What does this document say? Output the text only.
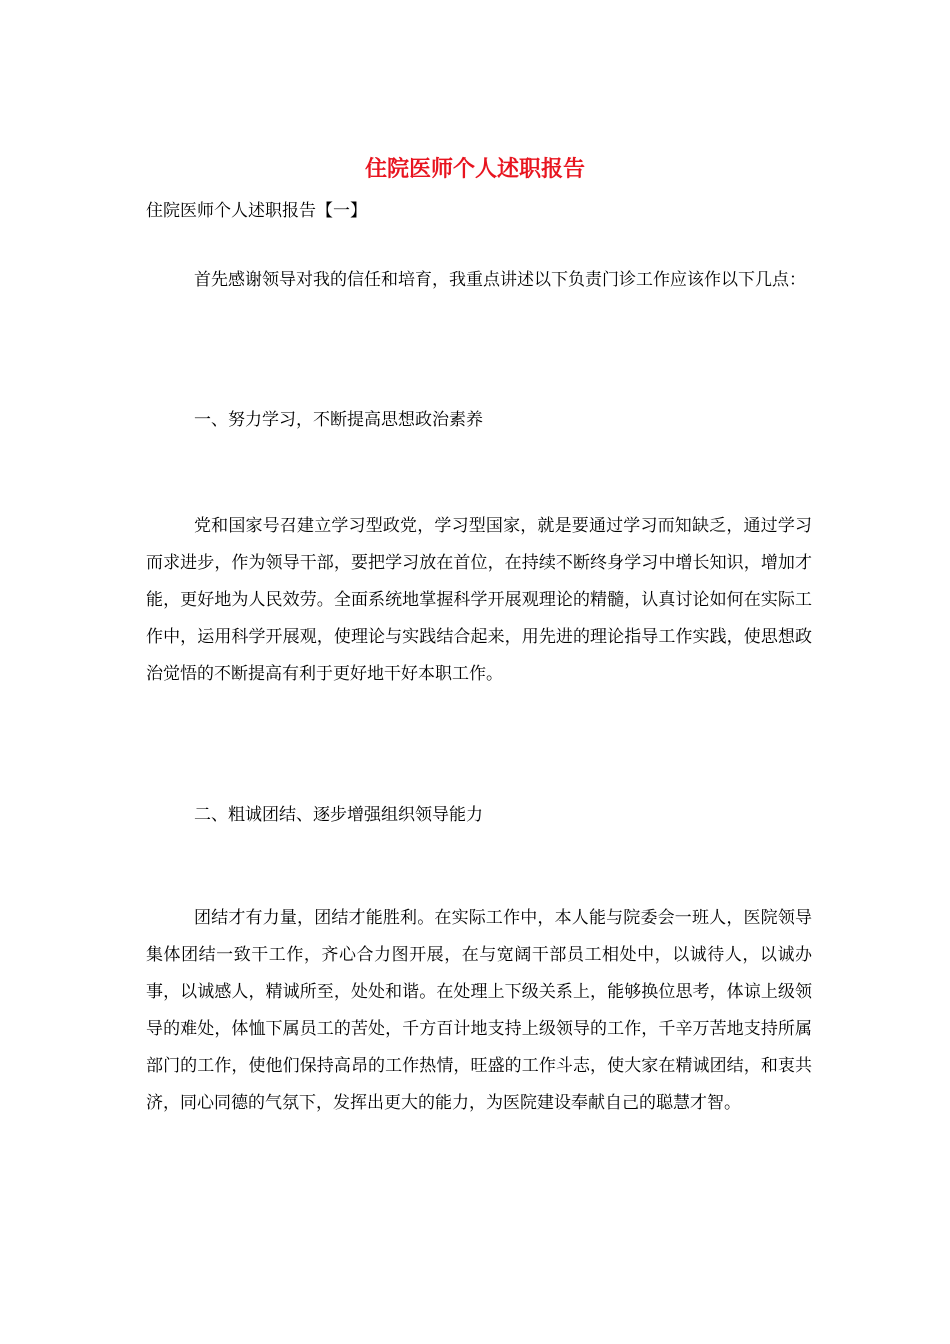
住院医师个人述职报告

住院医师个人述职报告【一】

首先感谢领导对我的信任和培育，我重点讲述以下负责门诊工作应该作以下几点：

一、努力学习，不断提高思想政治素养

党和国家号召建立学习型政党，学习型国家，就是要通过学习而知缺乏，通过学习而求进步，作为领导干部，要把学习放在首位，在持续不断终身学习中增长知识，增加才能，更好地为人民效劳。全面系统地掌握科学开展观理论的精髓，认真讨论如何在实际工作中，运用科学开展观，使理论与实践结合起来，用先进的理论指导工作实践，使思想政治觉悟的不断提高有利于更好地干好本职工作。

二、粗诚团结、逐步增强组织领导能力

团结才有力量，团结才能胜利。在实际工作中，本人能与院委会一班人，医院领导集体团结一致干工作，齐心合力图开展，在与宽阔干部员工相处中，以诚待人，以诚办事，以诚感人，精诚所至，处处和谐。在处理上下级关系上，能够换位思考，体谅上级领导的难处，体恤下属员工的苦处，千方百计地支持上级领导的工作，千辛万苦地支持所属部门的工作，使他们保持高昂的工作热情，旺盛的工作斗志，使大家在精诚团结，和衷共济，同心同德的气氛下，发挥出更大的能力，为医院建设奉献自己的聪慧才智。
